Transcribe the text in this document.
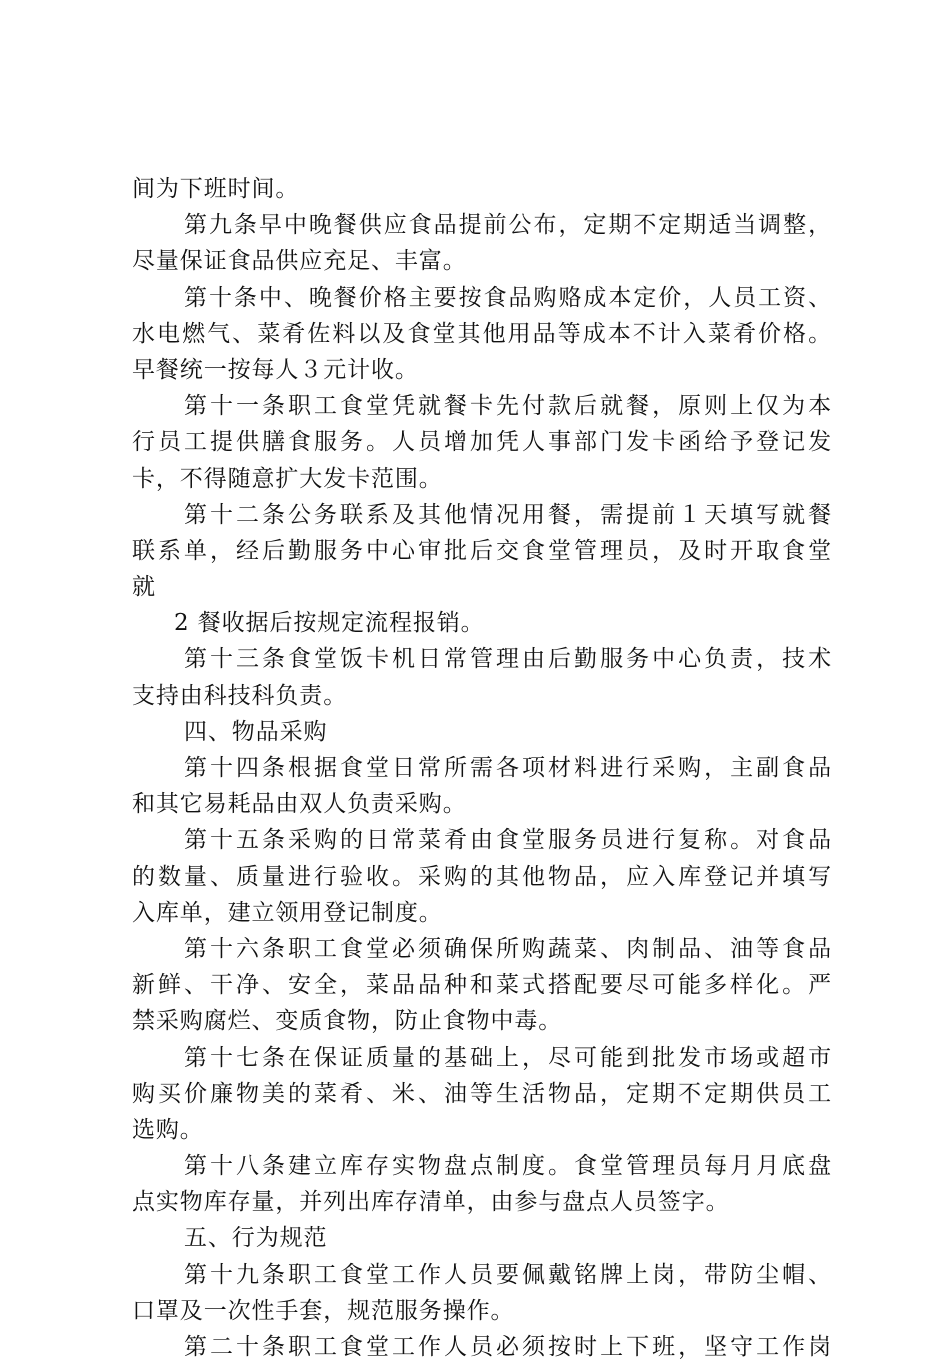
间为下班时间。
第九条早中晚餐供应食品提前公布，定期不定期适当调整，
尽量保证食品供应充足、丰富。
第十条中、晚餐价格主要按食品购赂成本定价，人员工资、
水电燃气、菜肴佐料以及食堂其他用品等成本不计入菜肴价格。
早餐统一按每人３元计收。
第十一条职工食堂凭就餐卡先付款后就餐，原则上仅为本
行员工提供膳食服务。人员增加凭人事部门发卡函给予登记发
卡，不得随意扩大发卡范围。
第十二条公务联系及其他情况用餐，需提前１天填写就餐
联系单，经后勤服务中心审批后交食堂管理员，及时开取食堂
就
2 餐收据后按规定流程报销。
第十三条食堂饭卡机日常管理由后勤服务中心负责，技术
支持由科技科负责。
四、物品采购
第十四条根据食堂日常所需各项材料进行采购，主副食品
和其它易耗品由双人负责采购。
第十五条采购的日常菜肴由食堂服务员进行复称。对食品
的数量、质量进行验收。采购的其他物品，应入库登记并填写
入库单，建立领用登记制度。
第十六条职工食堂必须确保所购蔬菜、肉制品、油等食品
新鲜、干净、安全，菜品品种和菜式搭配要尽可能多样化。严
禁采购腐烂、变质食物，防止食物中毒。
第十七条在保证质量的基础上，尽可能到批发市场或超市
购买价廉物美的菜肴、米、油等生活物品，定期不定期供员工
选购。
第十八条建立库存实物盘点制度。食堂管理员每月月底盘
点实物库存量，并列出库存清单，由参与盘点人员签字。
五、行为规范
第十九条职工食堂工作人员要佩戴铭牌上岗，带防尘帽、
口罩及一次性手套，规范服务操作。
第二十条职工食堂工作人员必须按时上下班，坚守工作岗
